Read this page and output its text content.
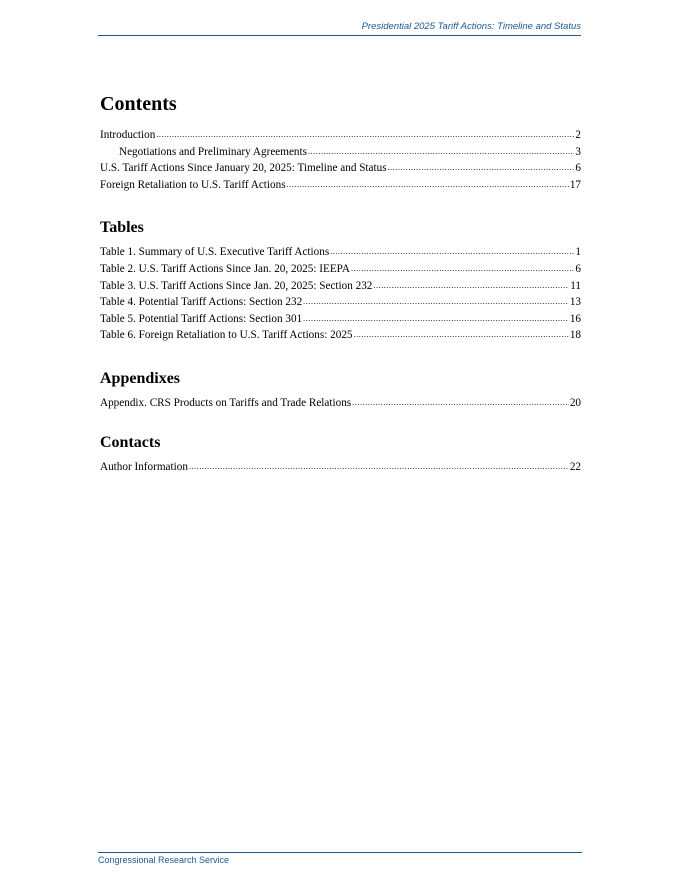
Presidential 2025 Tariff Actions: Timeline and Status
Contents
Introduction .....	2
Negotiations and Preliminary Agreements .....	3
U.S. Tariff Actions Since January 20, 2025: Timeline and Status .....	6
Foreign Retaliation to U.S. Tariff Actions .....	17
Tables
Table 1. Summary of U.S. Executive Tariff Actions .....	1
Table 2. U.S. Tariff Actions Since Jan. 20, 2025: IEEPA .....	6
Table 3. U.S. Tariff Actions Since Jan. 20, 2025: Section 232 .....	11
Table 4. Potential Tariff Actions: Section 232 .....	13
Table 5. Potential Tariff Actions: Section 301 .....	16
Table 6. Foreign Retaliation to U.S. Tariff Actions: 2025 .....	18
Appendixes
Appendix. CRS Products on Tariffs and Trade Relations .....	20
Contacts
Author Information .....	22
Congressional Research Service
